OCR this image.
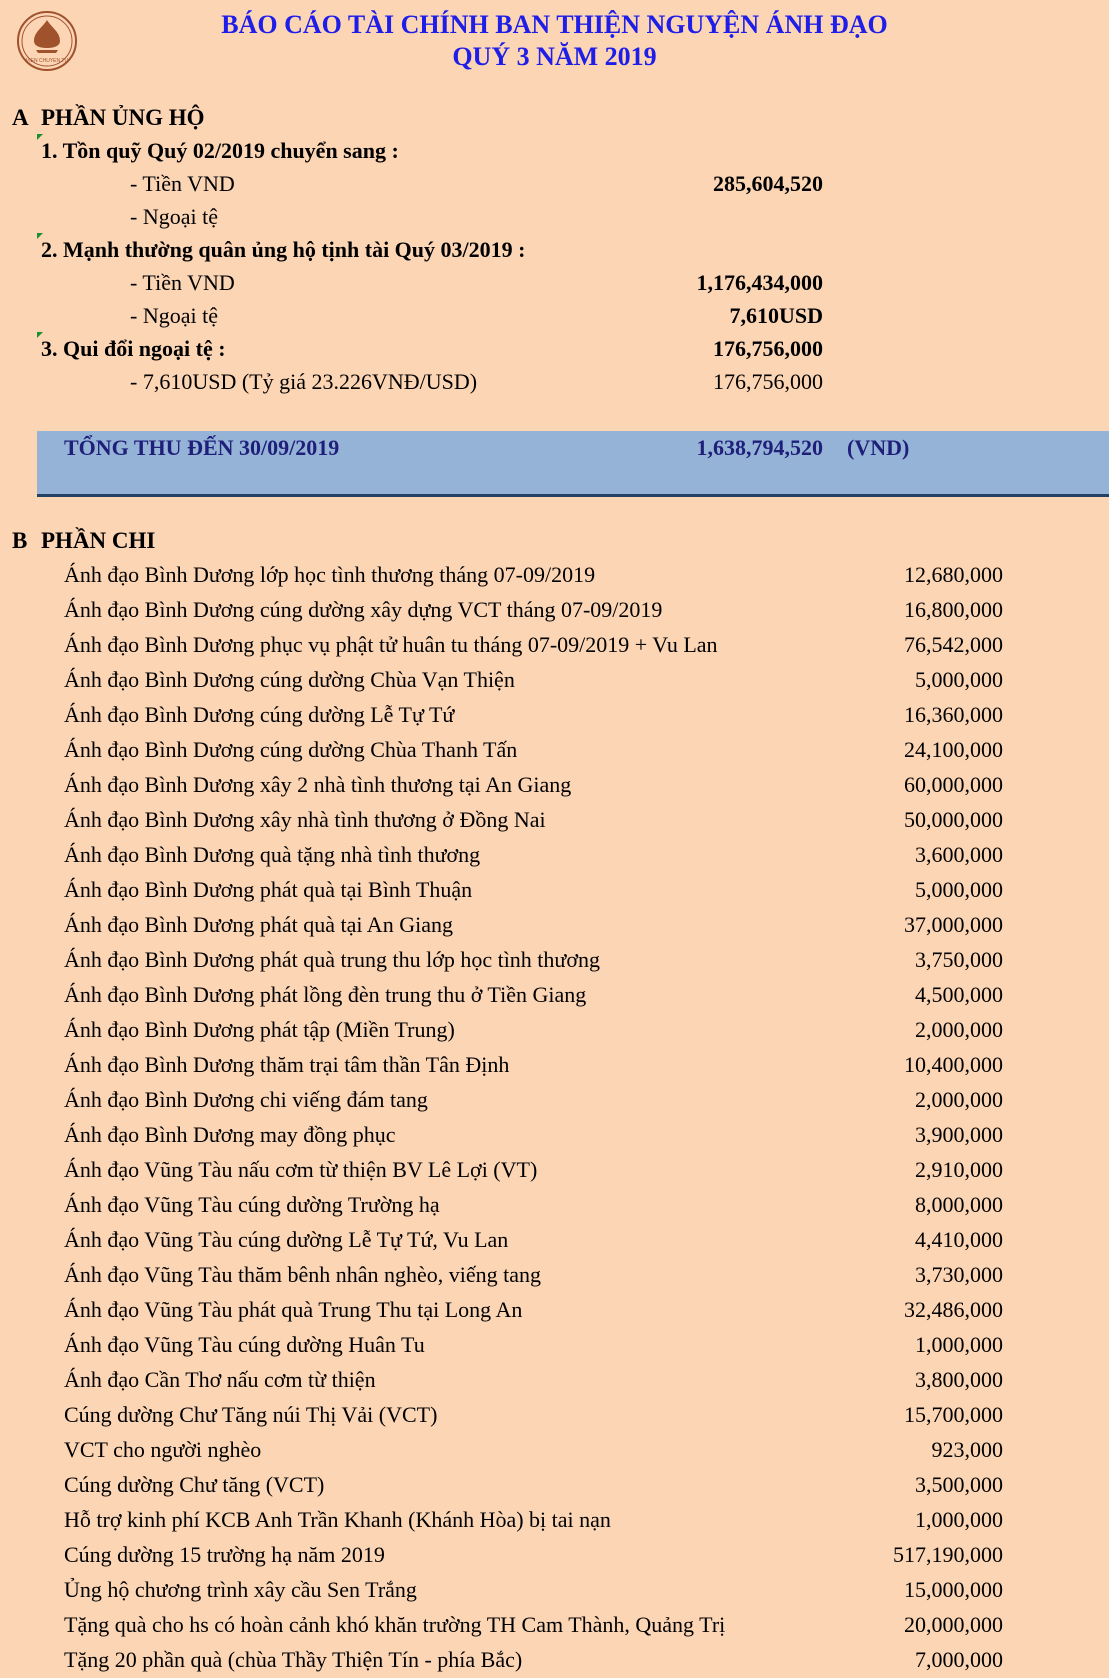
VIEN CHUYEN TU
BÁO CÁO TÀI CHÍNH BAN THIỆN NGUYỆN ÁNH ĐẠO
QUÝ 3 NĂM 2019
A PHẦN ỦNG HỘ
1. Tồn quỹ Quý 02/2019 chuyển sang :
- Tiền VND	285,604,520
- Ngoại tệ
2. Mạnh thường quân ủng hộ tịnh tài Quý 03/2019 :
- Tiền VND	1,176,434,000
- Ngoại tệ	7,610USD
3. Qui đổi ngoại tệ :	176,756,000
- 7,610USD (Tỷ giá 23.226VNĐ/USD)	176,756,000
TỔNG THU ĐẾN 30/09/2019	1,638,794,520 (VND)
B PHẦN CHI
Ánh đạo Bình Dương lớp học tình thương tháng 07-09/2019	12,680,000
Ánh đạo Bình Dương cúng dường xây dựng VCT tháng 07-09/2019	16,800,000
Ánh đạo Bình Dương phục vụ phật tử huân tu tháng 07-09/2019 + Vu Lan	76,542,000
Ánh đạo Bình Dương cúng dường Chùa Vạn Thiện	5,000,000
Ánh đạo Bình Dương cúng dường Lễ Tự Tứ	16,360,000
Ánh đạo Bình Dương cúng dường Chùa Thanh Tấn	24,100,000
Ánh đạo Bình Dương xây 2 nhà tình thương tại An Giang	60,000,000
Ánh đạo Bình Dương xây nhà tình thương ở Đồng Nai	50,000,000
Ánh đạo Bình Dương quà tặng nhà tình thương	3,600,000
Ánh đạo Bình Dương phát quà tại Bình Thuận	5,000,000
Ánh đạo Bình Dương phát quà tại An Giang	37,000,000
Ánh đạo Bình Dương phát quà trung thu lớp học tình thương	3,750,000
Ánh đạo Bình Dương phát lồng đèn trung thu ở Tiền Giang	4,500,000
Ánh đạo Bình Dương phát tập (Miền Trung)	2,000,000
Ánh đạo Bình Dương thăm trại tâm thần Tân Định	10,400,000
Ánh đạo Bình Dương chi viếng đám tang	2,000,000
Ánh đạo Bình Dương may đồng phục	3,900,000
Ánh đạo Vũng Tàu nấu cơm từ thiện BV Lê Lợi (VT)	2,910,000
Ánh đạo Vũng Tàu cúng dường Trường hạ	8,000,000
Ánh đạo Vũng Tàu cúng dường Lễ Tự Tứ, Vu Lan	4,410,000
Ánh đạo Vũng Tàu thăm bênh nhân nghèo, viếng tang	3,730,000
Ánh đạo Vũng Tàu phát quà Trung Thu tại Long An	32,486,000
Ánh đạo Vũng Tàu cúng dường Huân Tu	1,000,000
Ánh đạo Cần Thơ nấu cơm từ thiện	3,800,000
Cúng dường Chư Tăng núi Thị Vải (VCT)	15,700,000
VCT cho người nghèo	923,000
Cúng dường Chư tăng (VCT)	3,500,000
Hỗ trợ kinh phí KCB Anh Trần Khanh (Khánh Hòa) bị tai nạn	1,000,000
Cúng dường 15 trường hạ năm 2019	517,190,000
Ủng hộ chương trình xây cầu Sen Trắng	15,000,000
Tặng quà cho hs có hoàn cảnh khó khăn trường TH Cam Thành, Quảng Trị	20,000,000
Tặng 20 phần quà (chùa Thầy Thiện Tín - phía Bắc)	7,000,000
